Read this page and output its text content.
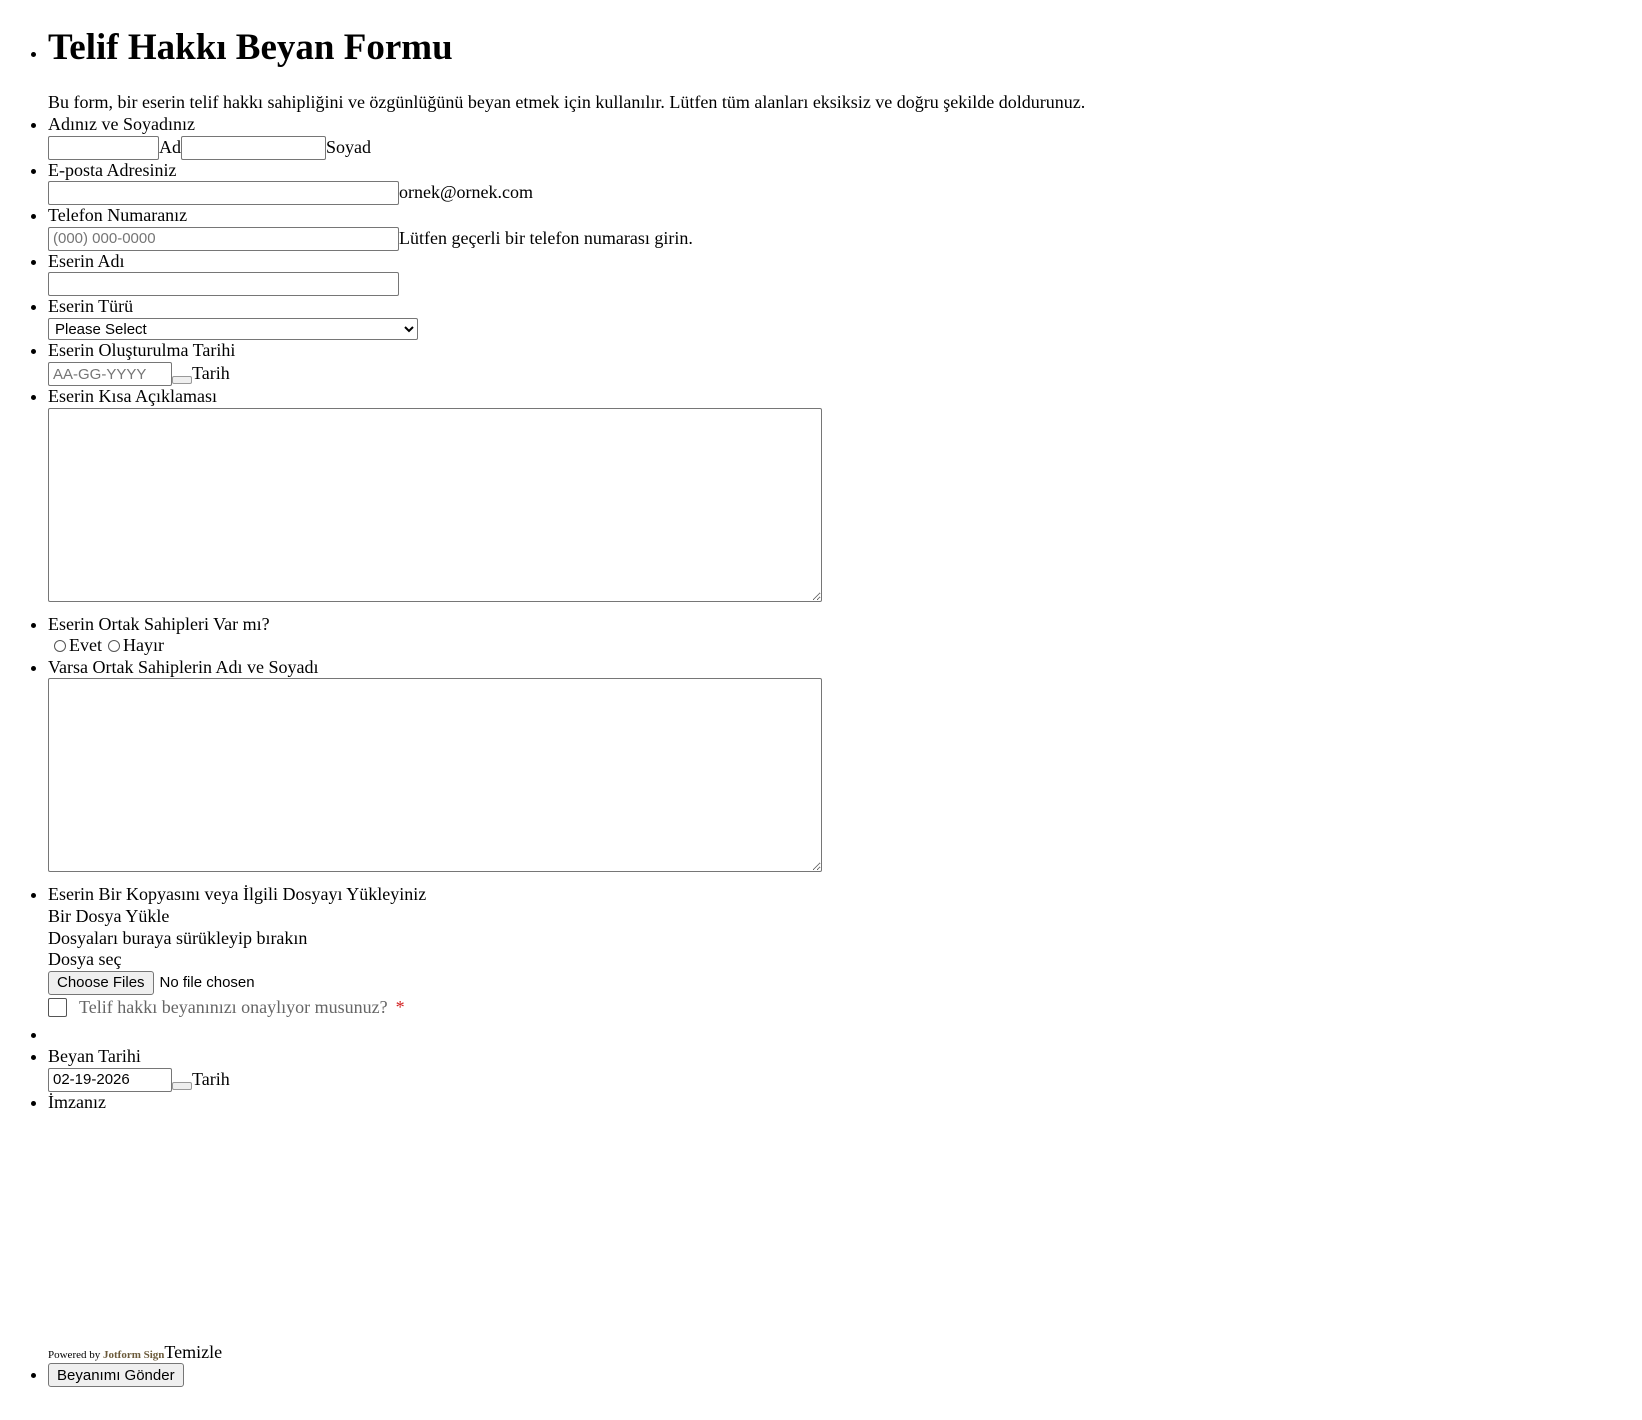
• Telif Hakkı Beyan Formu
Bu form, bir eserin telif hakkı sahipliğini ve özgünlüğünü beyan etmek için kullanılır. Lütfen tüm alanları eksiksiz ve doğru şekilde doldurunuz.
• Adınız ve Soyadınız
Ad	Soyad
• E-posta Adresiniz
ornek@ornek.com
• Telefon Numaranız
(000) 000-0000
Lütfen geçerli bir telefon numarası girin.
• Eserin Adı
• Eserin Türü
Please Select
• Eserin Oluşturulma Tarihi
AA-GG-YYYY
Tarih
• Eserin Kısa Açıklaması
• Eserin Ortak Sahipleri Var mı?
Evet Hayır
• Varsa Ortak Sahiplerin Adı ve Soyadı
• Eserin Bir Kopyasını veya İlgili Dosyayı Yükleyiniz
Bir Dosya Yükle
Dosyaları buraya sürükleyip bırakın
Dosya seç
Choose Files	No file chosen
Telif hakkı beyanınızı onaylıyor musunuz? *
•
• Beyan Tarihi
02-19-2026
Tarih
• İmzanız
Powered by Jotform Sign Temizle
• Beyanımı Gönder
